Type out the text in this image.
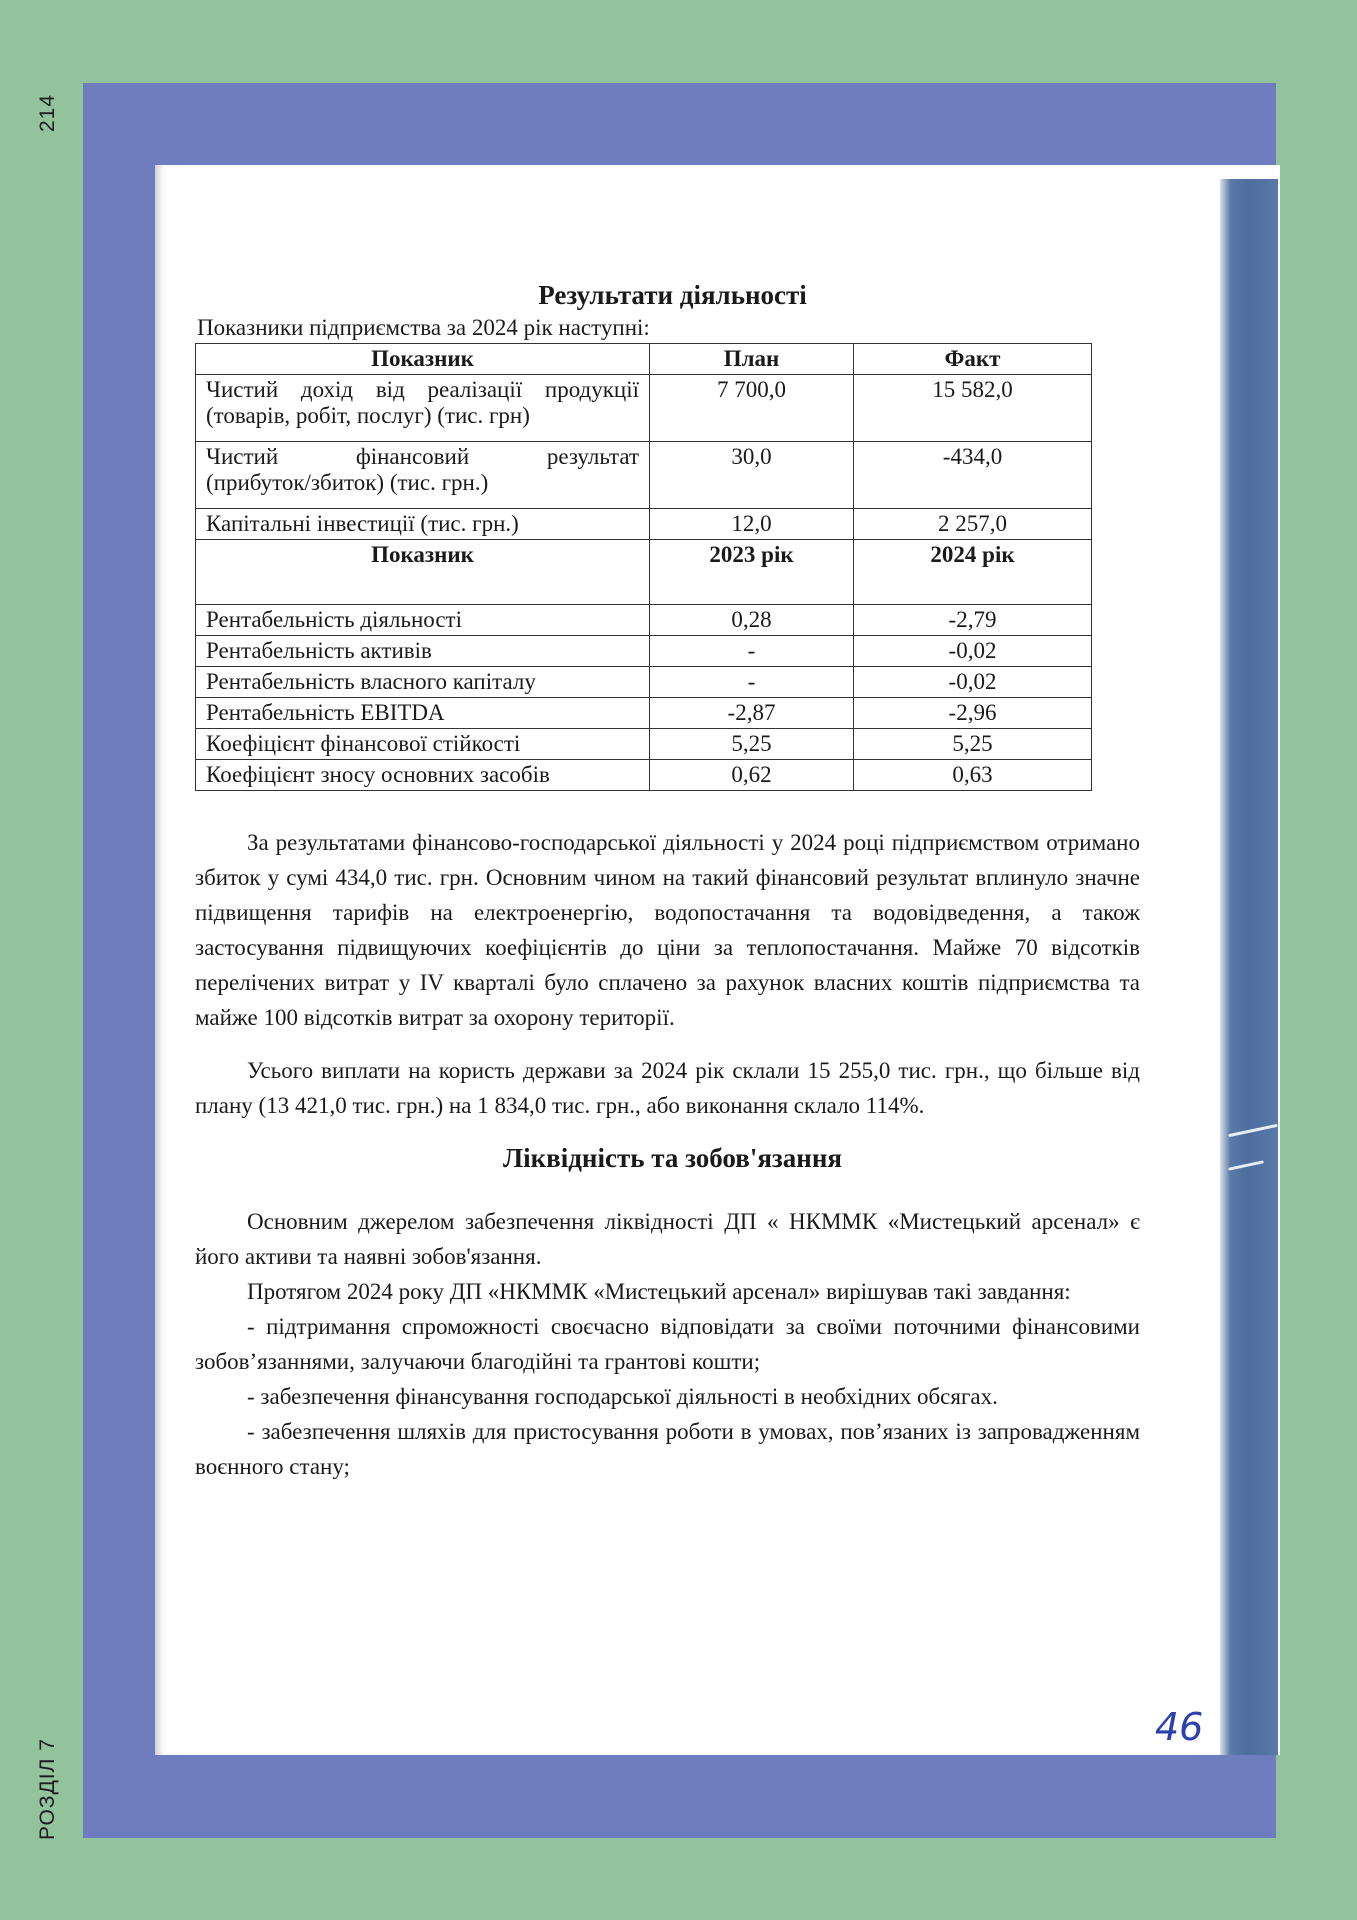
214
РОЗДІЛ 7
Результати діяльності
Показники підприємства за 2024 рік наступні:
Показник	План	Факт

Чистий дохід від реалізації продукції
(товарів, робіт, послуг) (тис. грн)	7 700,0	15 582,0

Чистий фінансовий результат
(прибуток/збиток) (тис. грн.)	30,0	-434,0
Капітальні інвестиції (тис. грн.)	12,0	2 257,0
Показник	2023 рік	2024 рік
Рентабельність діяльності	0,28	-2,79
Рентабельність активів	-	-0,02
Рентабельність власного капіталу	-	-0,02
Рентабельність EBITDA	-2,87	-2,96
Коефіцієнт фінансової стійкості	5,25	5,25
Коефіцієнт зносу основних засобів	0,62	0,63

За результатами фінансово-господарської діяльності у 2024 році підприємством отримано збиток у сумі 434,0 тис. грн. Основним чином на такий фінансовий результат вплинуло значне підвищення тарифів на електроенергію, водопостачання та водовідведення, а також застосування підвищуючих коефіцієнтів до ціни за теплопостачання. Майже 70 відсотків перелічених витрат у IV кварталі було сплачено за рахунок власних коштів підприємства та майже 100 відсотків витрат за охорону території.

Усього виплати на користь держави за 2024 рік склали 15 255,0 тис. грн., що більше від плану (13 421,0 тис. грн.) на 1 834,0 тис. грн., або виконання склало 114%.

Ліквідність та зобов'язання

Основним джерелом забезпечення ліквідності ДП « НКММК «Мистецький арсенал» є його активи та наявні зобов'язання.

Протягом 2024 року ДП «НКММК «Мистецький арсенал» вирішував такі завдання:

- підтримання спроможності своєчасно відповідати за своїми поточними фінансовими зобов’язаннями, залучаючи благодійні та грантові кошти;

- забезпечення фінансування господарської діяльності в необхідних обсягах.

- забезпечення шляхів для пристосування роботи в умовах, пов’язаних із запровадженням воєнного стану;

46
